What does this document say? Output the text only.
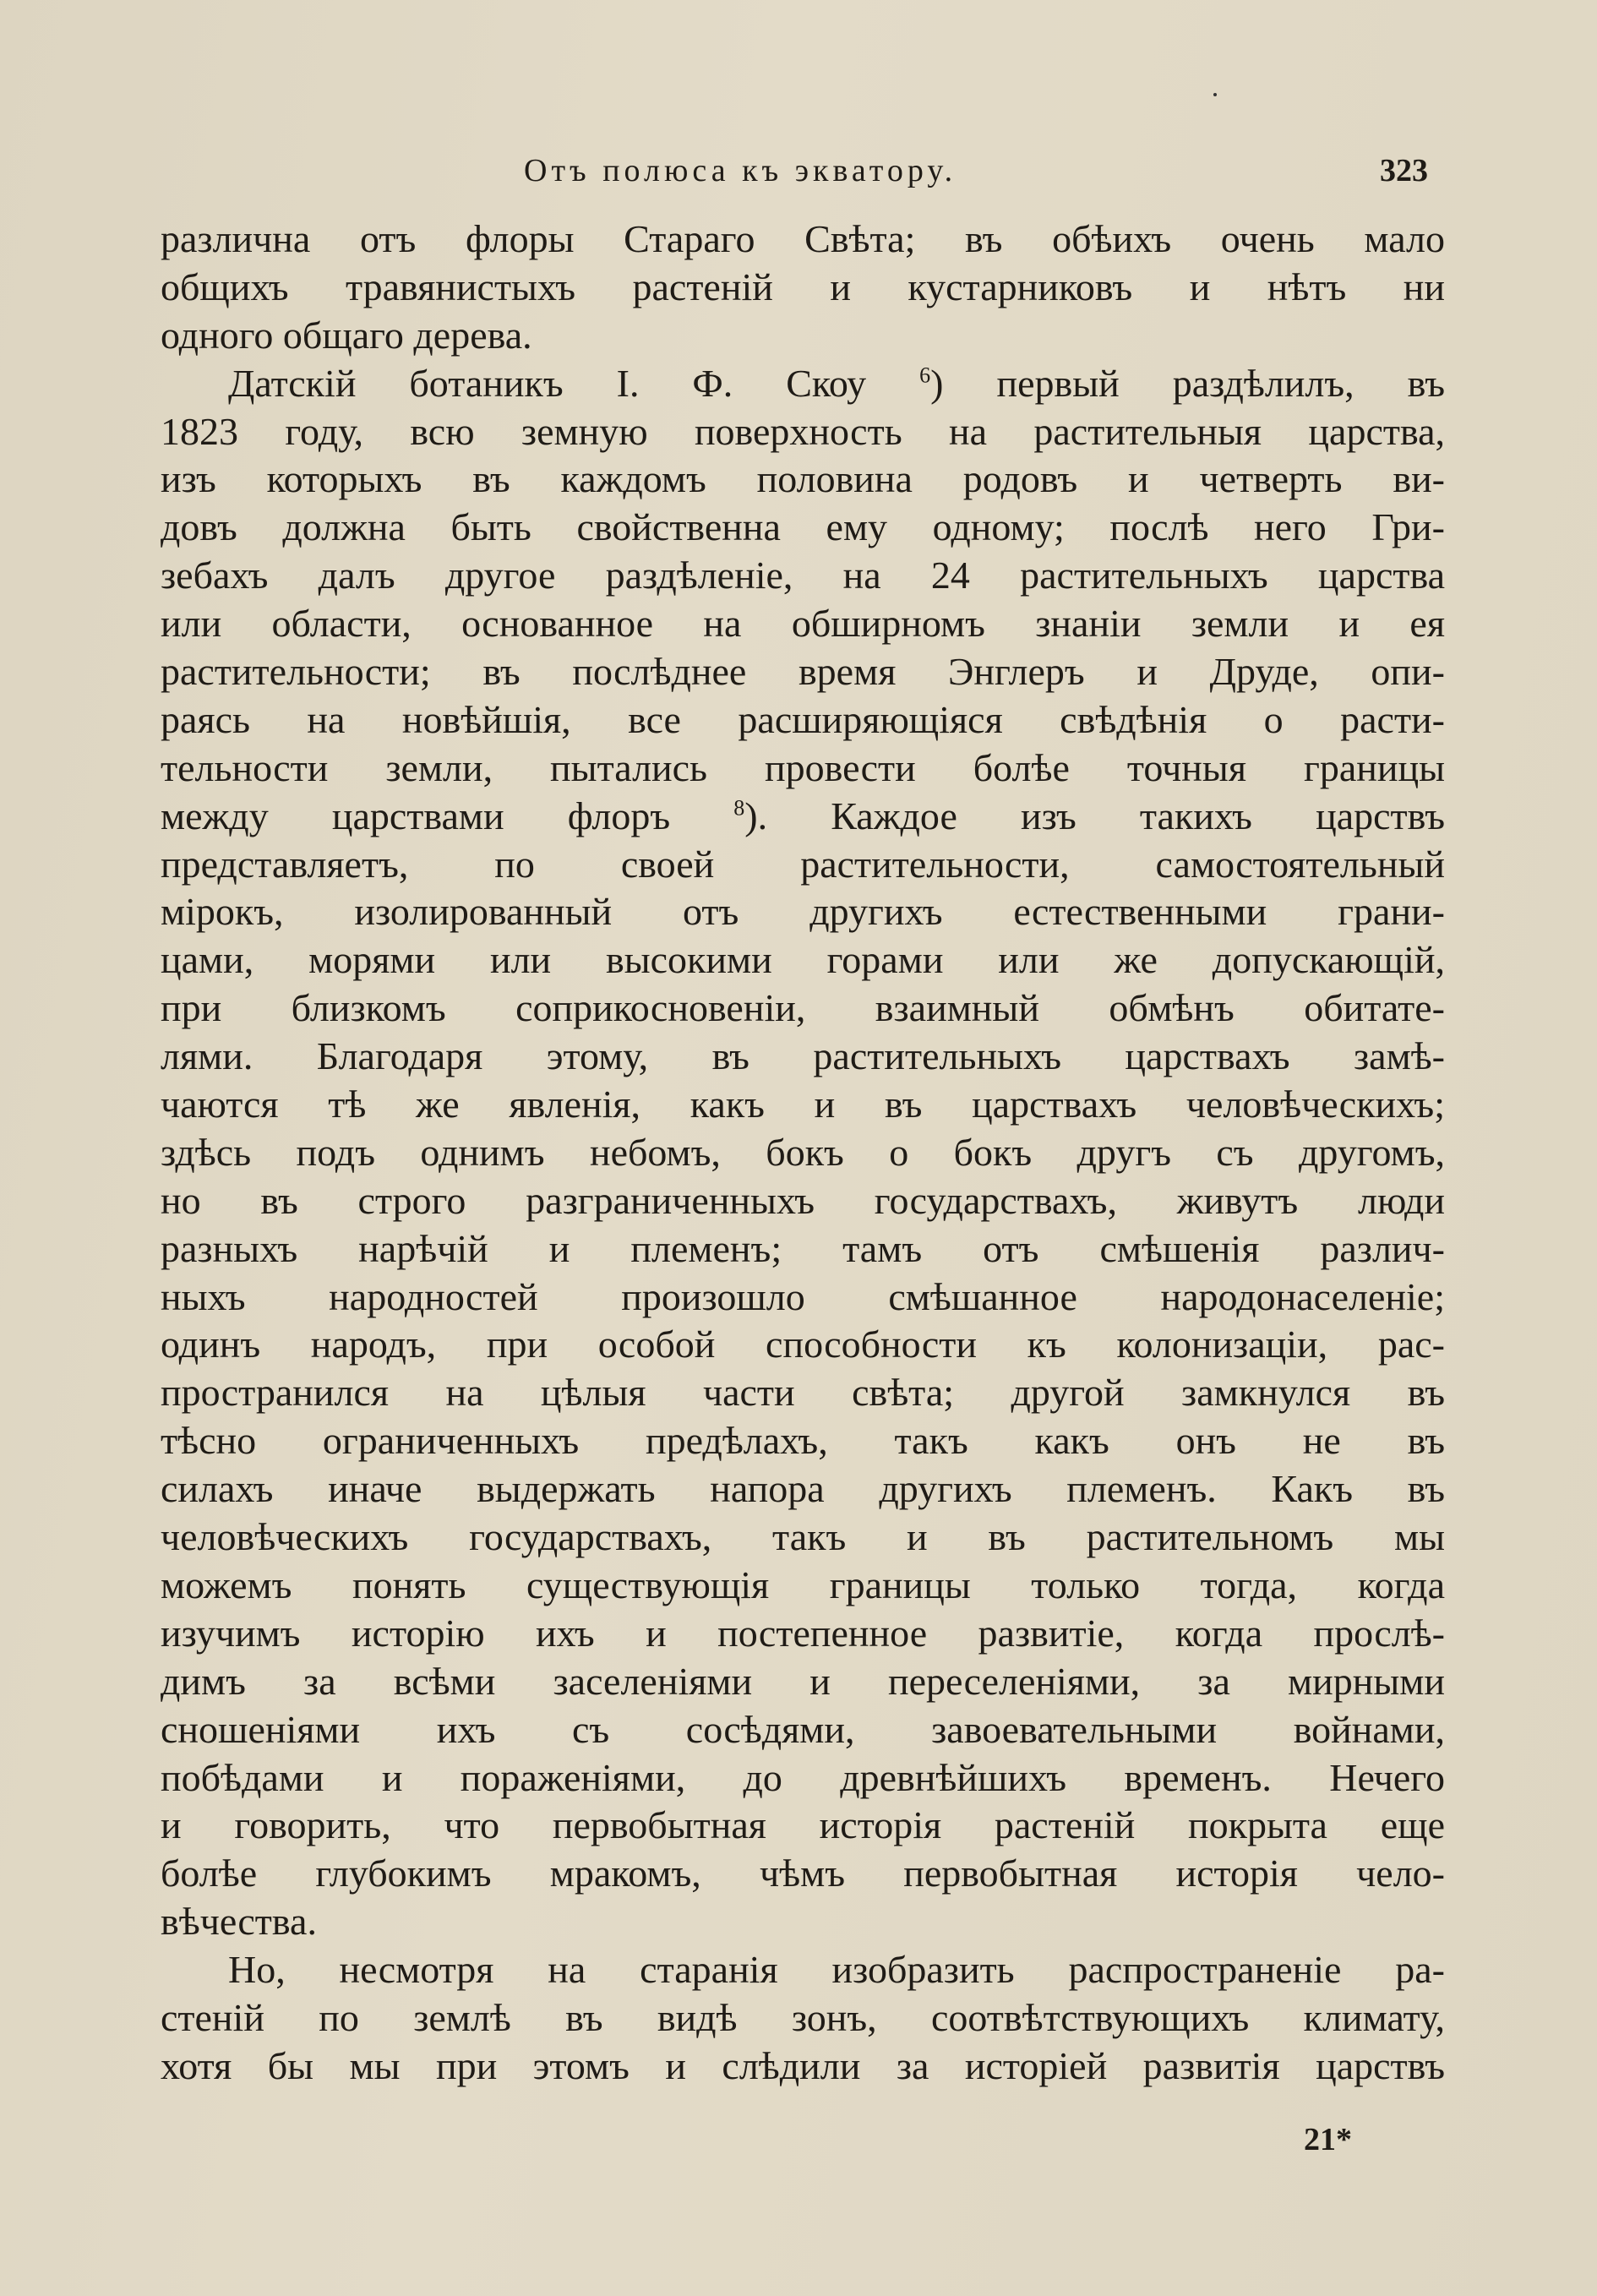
Отъ полюса къ экватору.	323
различна отъ флоры Стараго Свѣта; въ обѣихъ очень мало
общихъ травянистыхъ растеній и кустарниковъ и нѣтъ ни
одного общаго дерева.
Датскій ботаникъ І. Ф. Скоу $^6$) первый раздѣлилъ, въ
1823 году, всю земную поверхность на растительныя царства,
изъ которыхъ въ каждомъ половина родовъ и четверть ви-
довъ должна быть свойственна ему одному; послѣ него Гри-
зебахъ далъ другое раздѣленіе, на 24 растительныхъ царства
или области, основанное на обширномъ знаніи земли и ея
растительности; въ послѣднее время Энглеръ и Друде, опи-
раясь на новѣйшія, все расширяющіяся свѣдѣнія о расти-
тельности земли, пытались провести болѣе точныя границы
между царствами флоръ	$^8$). Каждое изъ такихъ царствъ
представляетъ, по своей растительности, самостоятельный
мірокъ, изолированный отъ другихъ естественными грани-
цами, морями или высокими горами или же допускающій,
при близкомъ соприкосновеніи, взаимный обмѣнъ обитате-
лями. Благодаря этому, въ растительныхъ царствахъ замѣ-
чаются тѣ же явленія, какъ и въ царствахъ человѣческихъ;
здѣсь подъ однимъ небомъ, бокъ о бокъ другъ съ другомъ,
но въ строго разграниченныхъ государствахъ, живутъ люди
разныхъ нарѣчій и племенъ; тамъ отъ смѣшенія различ-
ныхъ народностей произошло смѣшанное народонаселеніе;
одинъ народъ, при особой способности къ колонизаціи, рас-
пространился на цѣлыя части свѣта; другой замкнулся въ
тѣсно ограниченныхъ предѣлахъ, такъ какъ онъ не въ
силахъ иначе выдержать напора другихъ племенъ. Какъ въ
человѣческихъ государствахъ, такъ и въ растительномъ мы
можемъ понять существующія границы только тогда, когда
изучимъ исторію ихъ и постепенное развитіе, когда прослѣ-
димъ за всѣми заселеніями и переселеніями, за мирными
сношеніями ихъ съ сосѣдями, завоевательными войнами,
побѣдами и пораженіями, до древнѣйшихъ временъ. Нечего
и говорить, что первобытная исторія растеній покрыта еще
болѣе глубокимъ мракомъ, чѣмъ первобытная исторія чело-
вѣчества.
Но, несмотря на старанія изобразить распространеніе ра-
стеній по землѣ въ видѣ зонъ, соотвѣтствующихъ климату,
хотя бы мы при этомъ и слѣдили за исторіей развитія царствъ
21*
